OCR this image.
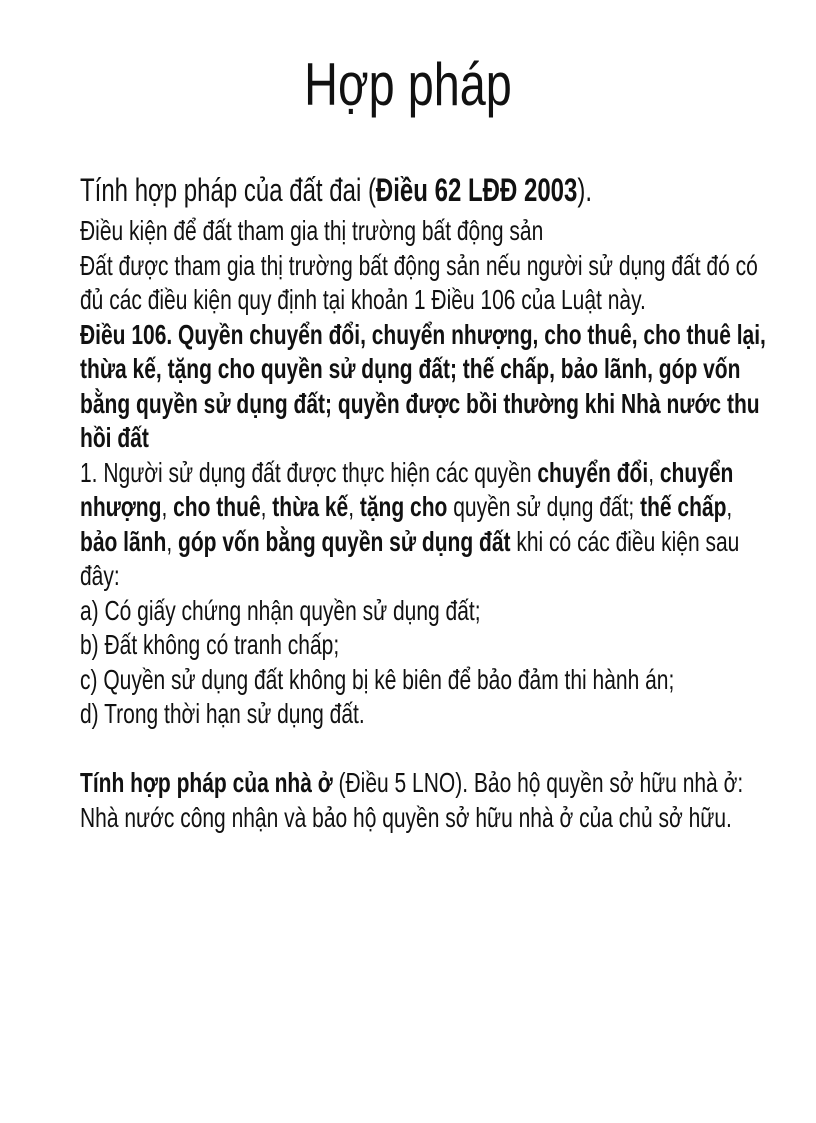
Hợp pháp
Tính hợp pháp của đất đai (Điều 62 LĐĐ 2003).
Điều kiện để đất tham gia thị trường bất động sản
Đất được tham gia thị trường bất động sản nếu người sử dụng đất đó có
đủ các điều kiện quy định tại khoản 1 Điều 106 của Luật này.
Điều 106. Quyền chuyển đổi, chuyển nhượng, cho thuê, cho thuê lại,
thừa kế, tặng cho quyền sử dụng đất; thế chấp, bảo lãnh, góp vốn
bằng quyền sử dụng đất; quyền được bồi thường khi Nhà nước thu
hồi đất
1. Người sử dụng đất được thực hiện các quyền chuyển đổi, chuyển
nhượng, cho thuê, thừa kế, tặng cho quyền sử dụng đất; thế chấp,
bảo lãnh, góp vốn bằng quyền sử dụng đất khi có các điều kiện sau
đây:
a) Có giấy chứng nhận quyền sử dụng đất;
b) Đất không có tranh chấp;
c) Quyền sử dụng đất không bị kê biên để bảo đảm thi hành án;
d) Trong thời hạn sử dụng đất.
Tính hợp pháp của nhà ở (Điều 5 LNO). Bảo hộ quyền sở hữu nhà ở:
Nhà nước công nhận và bảo hộ quyền sở hữu nhà ở của chủ sở hữu.
